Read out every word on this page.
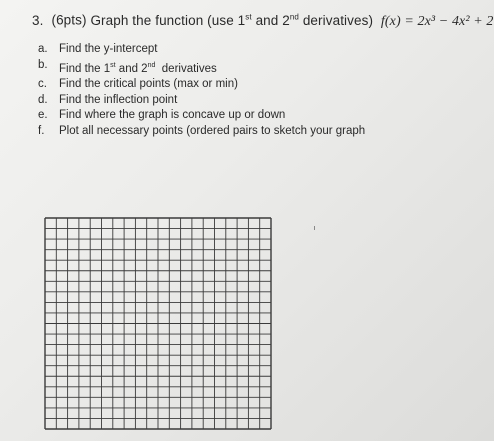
3. (6pts) Graph the function (use 1st and 2nd derivatives) f(x) = 2x³ − 4x² + 2
a. Find the y-intercept
b. Find the 1st and 2nd  derivatives
c.	Find the critical points (max or min)
d. Find the inflection point
e. Find where the graph is concave up or down
f.	Plot all necessary points (ordered pairs to sketch your graph
